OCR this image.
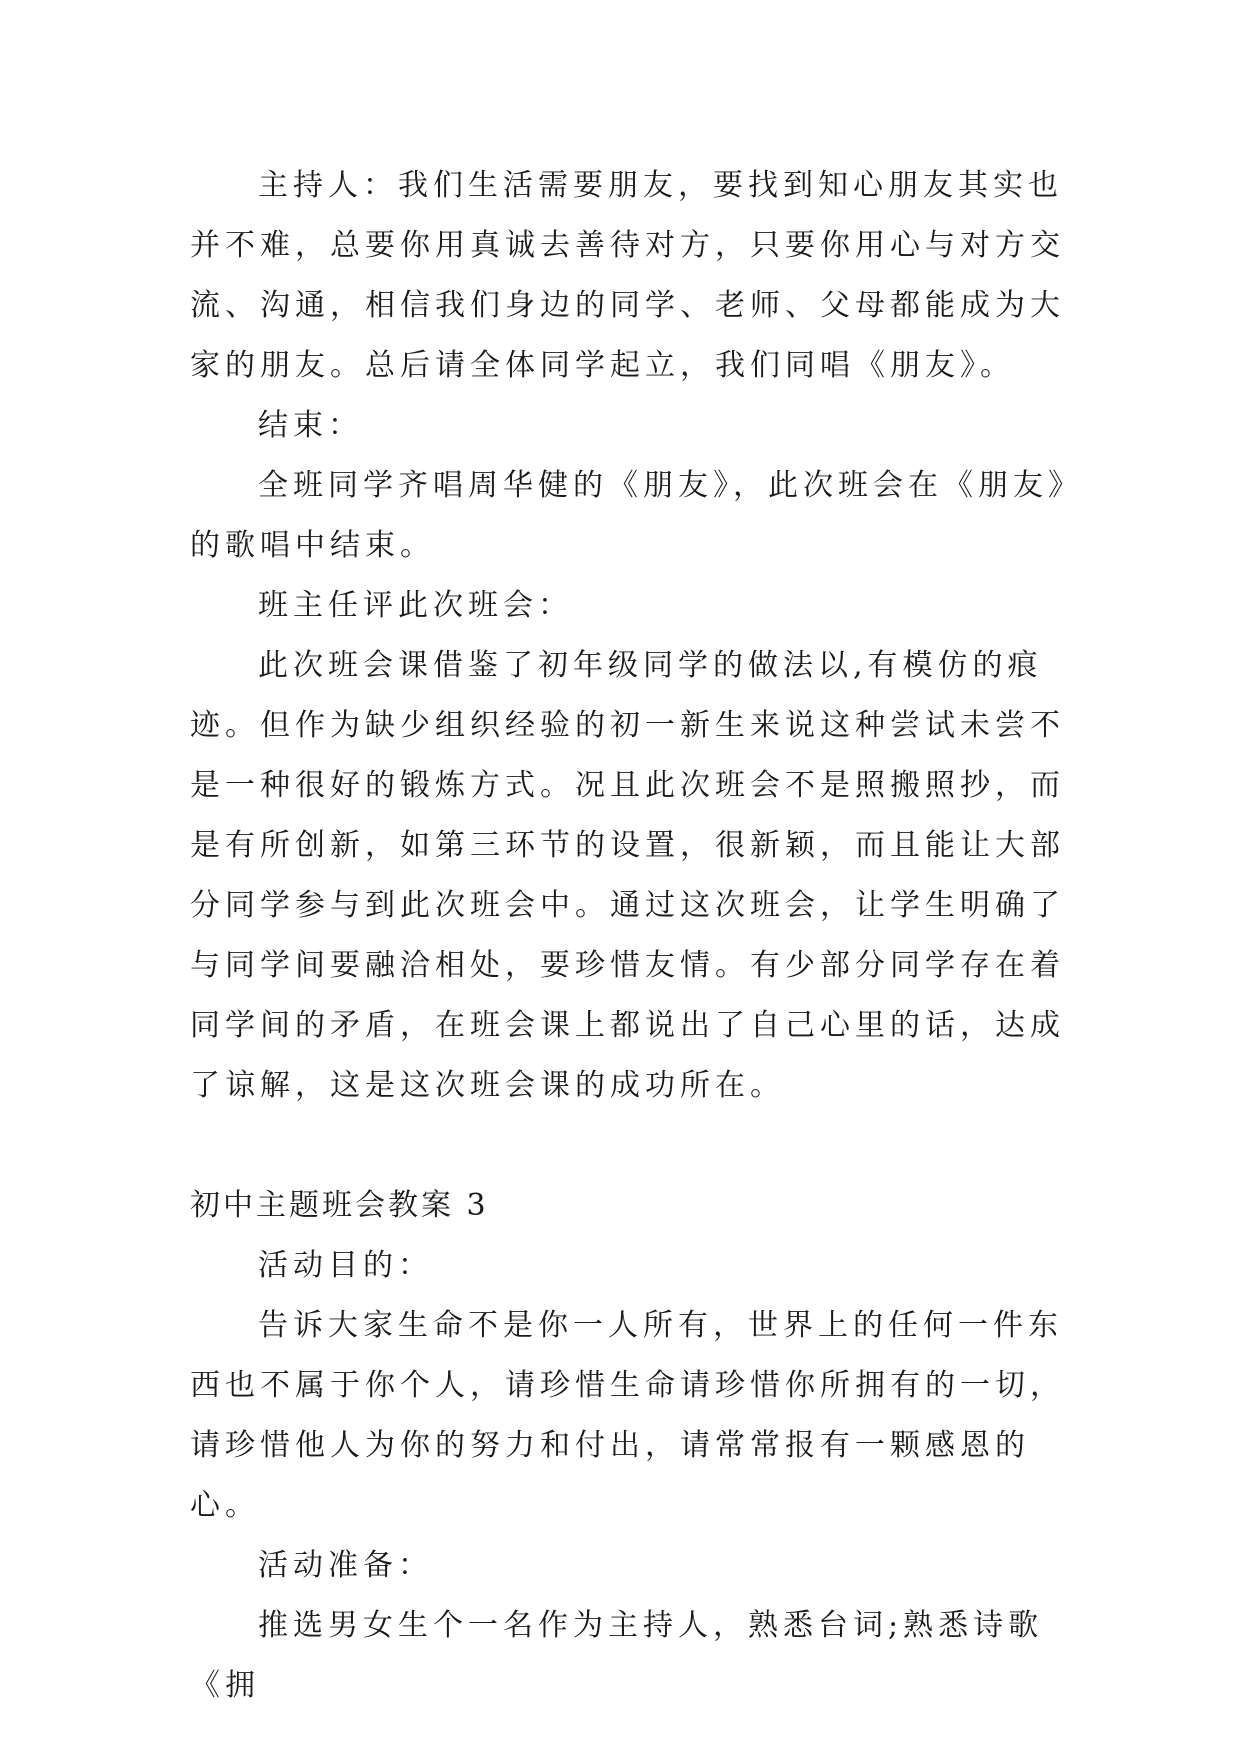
主持人：我们生活需要朋友，要找到知心朋友其实也并不难，总要你用真诚去善待对方，只要你用心与对方交流、沟通，相信我们身边的同学、老师、父母都能成为大家的朋友。总后请全体同学起立，我们同唱《朋友》。

结束：

全班同学齐唱周华健的《朋友》，此次班会在《朋友》的歌唱中结束。

班主任评此次班会：

此次班会课借鉴了初年级同学的做法以,有模仿的痕迹。但作为缺少组织经验的初一新生来说这种尝试未尝不是一种很好的锻炼方式。况且此次班会不是照搬照抄，而是有所创新，如第三环节的设置，很新颖，而且能让大部分同学参与到此次班会中。通过这次班会，让学生明确了与同学间要融洽相处，要珍惜友情。有少部分同学存在着同学间的矛盾，在班会课上都说出了自己心里的话，达成了谅解，这是这次班会课的成功所在。

初中主题班会教案 3

活动目的：

告诉大家生命不是你一人所有，世界上的任何一件东西也不属于你个人，请珍惜生命请珍惜你所拥有的一切，请珍惜他人为你的努力和付出，请常常报有一颗感恩的心。

活动准备：

推选男女生个一名作为主持人，熟悉台词;熟悉诗歌《拥
